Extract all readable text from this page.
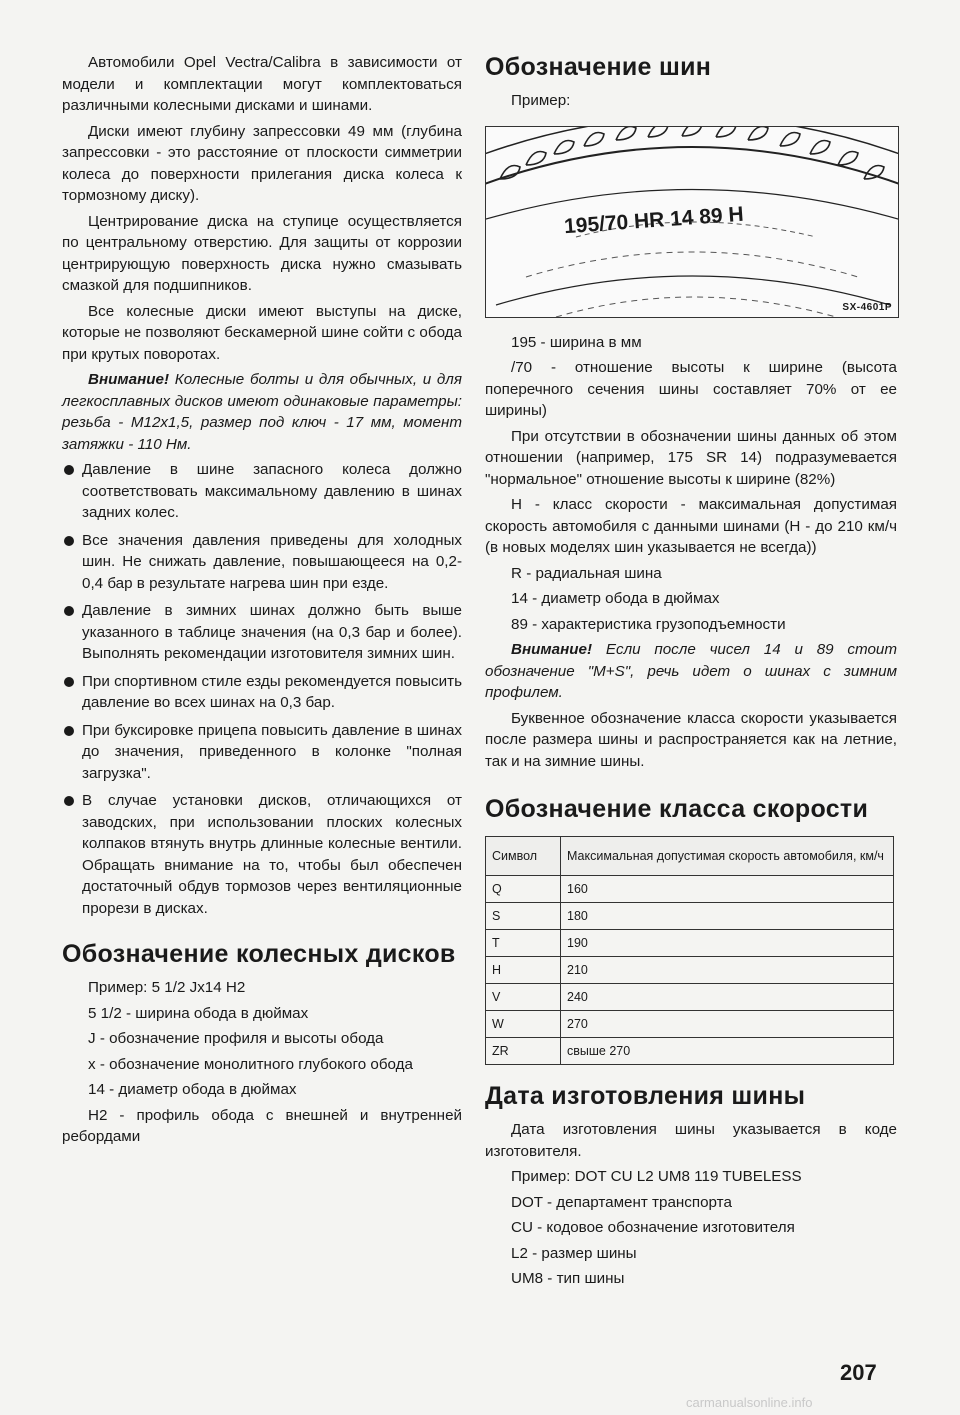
Автомобили Opel Vectra/Calibra в зависимости от модели и комплектации могут комплектоваться различными колесными дисками и шинами.

Диски имеют глубину запрессовки 49 мм (глубина запрессовки - это расстояние от плоскости симметрии колеса до поверхности прилегания диска колеса к тормозному диску).

Центрирование диска на ступице осуществляется по центральному отверстию. Для защиты от коррозии центрирующую поверхность диска нужно смазывать смазкой для подшипников.

Все колесные диски имеют выступы на диске, которые не позволяют бескамерной шине сойти с обода при крутых поворотах.

Внимание! Колесные болты и для обычных, и для легкосплавных дисков имеют одинаковые параметры: резьба - M12x1,5, размер под ключ - 17 мм, момент затяжки - 110 Нм.

Давление в шине запасного колеса должно соответствовать максимальному давлению в шинах задних колес.
Все значения давления приведены для холодных шин. Не снижать давление, повышающееся на 0,2-0,4 бар в результате нагрева шин при езде.
Давление в зимних шинах должно быть выше указанного в таблице значения (на 0,3 бар и более). Выполнять рекомендации изготовителя зимних шин.
При спортивном стиле езды рекомендуется повысить давление во всех шинах на 0,3 бар.
При буксировке прицепа повысить давление в шинах до значения, приведенного в колонке "полная загрузка".
В случае установки дисков, отличающихся от заводских, при использовании плоских колесных колпаков втянуть внутрь длинные колесные вентили. Обращать внимание на то, чтобы был обеспечен достаточный обдув тормозов через вентиляционные прорези в дисках.
Обозначение колесных дисков

Пример: 5 1/2 Jx14 H2

5 1/2 - ширина обода в дюймах

J - обозначение профиля и высоты обода

x - обозначение монолитного глубокого обода

14 - диаметр обода в дюймах

H2 - профиль обода с внешней и внутренней ребордами

Обозначение шин

Пример:

195/70 HR 14 89 H
SX-4601P

195 - ширина в мм

/70 - отношение высоты к ширине (высота поперечного сечения шины составляет 70% от ее ширины)

При отсутствии в обозначении шины данных об этом отношении (например, 175 SR 14) подразумевается "нормальное" отношение высоты к ширине (82%)

H - класс скорости - максимальная допустимая скорость автомобиля с данными шинами (H - до 210 км/ч (в новых моделях шин указывается не всегда))

R - радиальная шина

14 - диаметр обода в дюймах

89 - характеристика грузоподъемности

Внимание! Если после чисел 14 и 89 стоит обозначение "M+S", речь идет о шинах с зимним профилем.

Буквенное обозначение класса скорости указывается после размера шины и распространяется как на летние, так и на зимние шины.

Обозначение класса скорости
Символ	Максимальная допустимая скорость автомобиля, км/ч
Q	160
S	180
T	190
H	210
V	240
W	270
ZR	свыше 270
Дата изготовления шины

Дата изготовления шины указывается в коде изготовителя.

Пример: DOT CU L2 UM8 119 TUBELESS

DOT - департамент транспорта

CU - кодовое обозначение изготовителя

L2 - размер шины

UM8 - тип шины

207
carmanualsonline.info
